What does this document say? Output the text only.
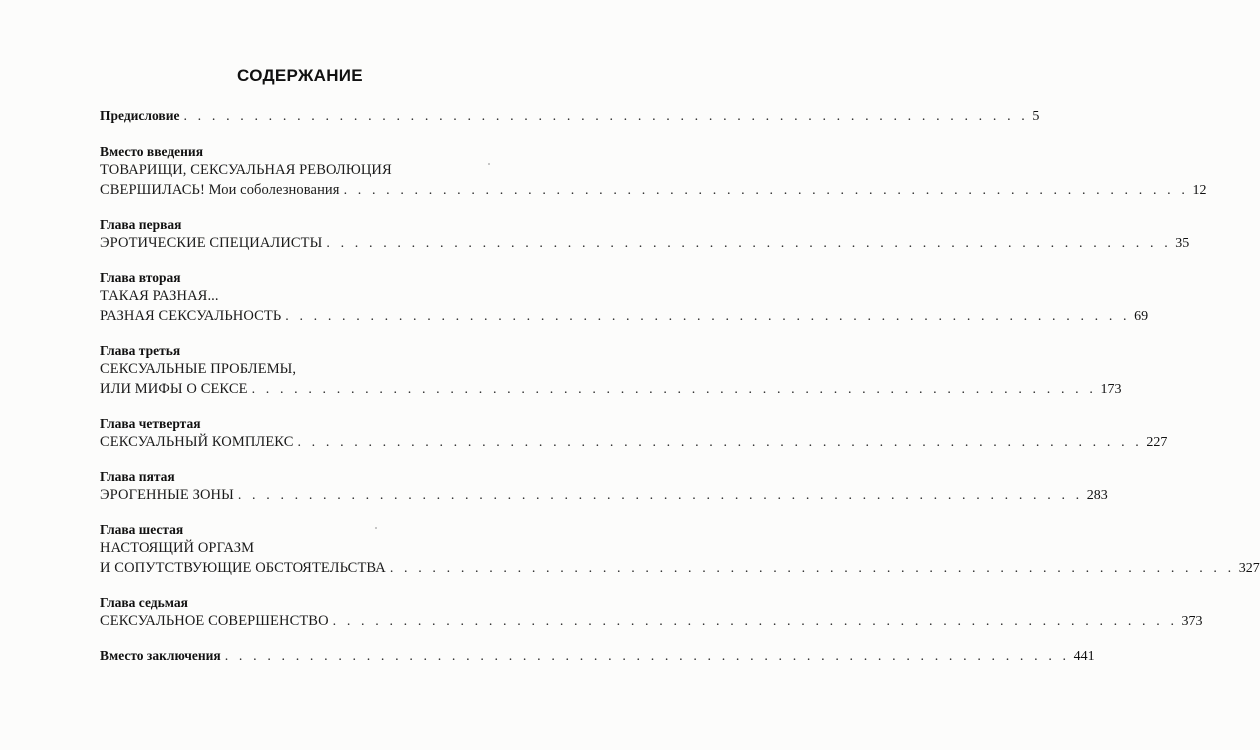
СОДЕРЖАНИЕ
Предисловие . . . . . . . . . . . . . . . . . . . . . . . . . . . . . . . . . . . . . . . . . . . . . . . . . . . . . . . . . . . . 5
Вместо введения
ТОВАРИЩИ, СЕКСУАЛЬНАЯ РЕВОЛЮЦИЯ
СВЕРШИЛАСЬ! Мои соболезнования . . . . . . . . . . . . . . . . . . . . . . . . . . . . . . . . . . . . . . . . . . . . . . . . . . . . . . . . . . . . 12
Глава первая
ЭРОТИЧЕСКИЕ СПЕЦИАЛИСТЫ . . . . . . . . . . . . . . . . . . . . . . . . . . . . . . . . . . . . . . . . . . . . . . . . . . . . . . . . . . . . 35
Глава вторая
ТАКАЯ РАЗНАЯ...
РАЗНАЯ СЕКСУАЛЬНОСТЬ . . . . . . . . . . . . . . . . . . . . . . . . . . . . . . . . . . . . . . . . . . . . . . . . . . . . . . . . . . . . 69
Глава третья
СЕКСУАЛЬНЫЕ ПРОБЛЕМЫ,
ИЛИ МИФЫ О СЕКСЕ . . . . . . . . . . . . . . . . . . . . . . . . . . . . . . . . . . . . . . . . . . . . . . . . . . . . . . . . . . . . 173
Глава четвертая
СЕКСУАЛЬНЫЙ КОМПЛЕКС . . . . . . . . . . . . . . . . . . . . . . . . . . . . . . . . . . . . . . . . . . . . . . . . . . . . . . . . . . . . 227
Глава пятая
ЭРОГЕННЫЕ ЗОНЫ . . . . . . . . . . . . . . . . . . . . . . . . . . . . . . . . . . . . . . . . . . . . . . . . . . . . . . . . . . . . 283
Глава шестая
НАСТОЯЩИЙ ОРГАЗМ
И СОПУТСТВУЮЩИЕ ОБСТОЯТЕЛЬСТВА . . . . . . . . . . . . . . . . . . . . . . . . . . . . . . . . . . . . . . . . . . . . . . . . . . . . . . . . . . . . 327
Глава седьмая
СЕКСУАЛЬНОЕ СОВЕРШЕНСТВО . . . . . . . . . . . . . . . . . . . . . . . . . . . . . . . . . . . . . . . . . . . . . . . . . . . . . . . . . . . . 373
Вместо заключения . . . . . . . . . . . . . . . . . . . . . . . . . . . . . . . . . . . . . . . . . . . . . . . . . . . . . . . . . . . . 441
